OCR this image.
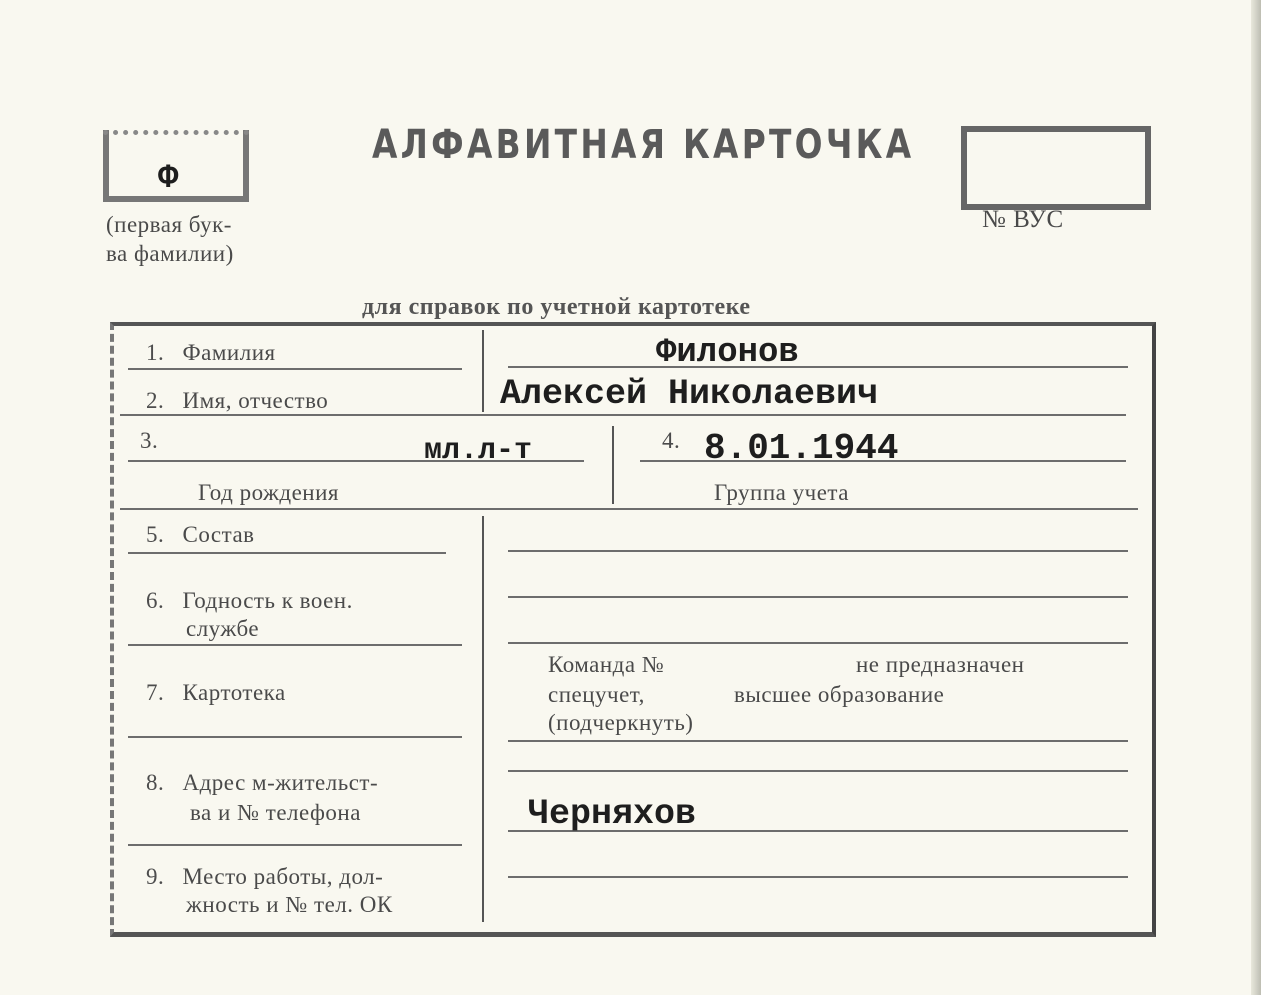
Ф
(первая бук-
ва фамилии)
АЛФАВИТНАЯ КАРТОЧКА
№ ВУС
для справок по учетной картотеке
1. Фамилия	Филонов
2. Имя, отчество	Алексей Николаевич
3.	мл.л-т
Год рождения
4. 8.01.1944
Группа учета
5. Состав
6. Годность к воен.
службе
7. Картотека
Команда №	не предназначен
спецучет,	высшее образование
(подчеркнуть)
8. Адрес м-жительст-
ва и № телефона	Черняхов
9. Место работы, дол-
жность и № тел. ОК
